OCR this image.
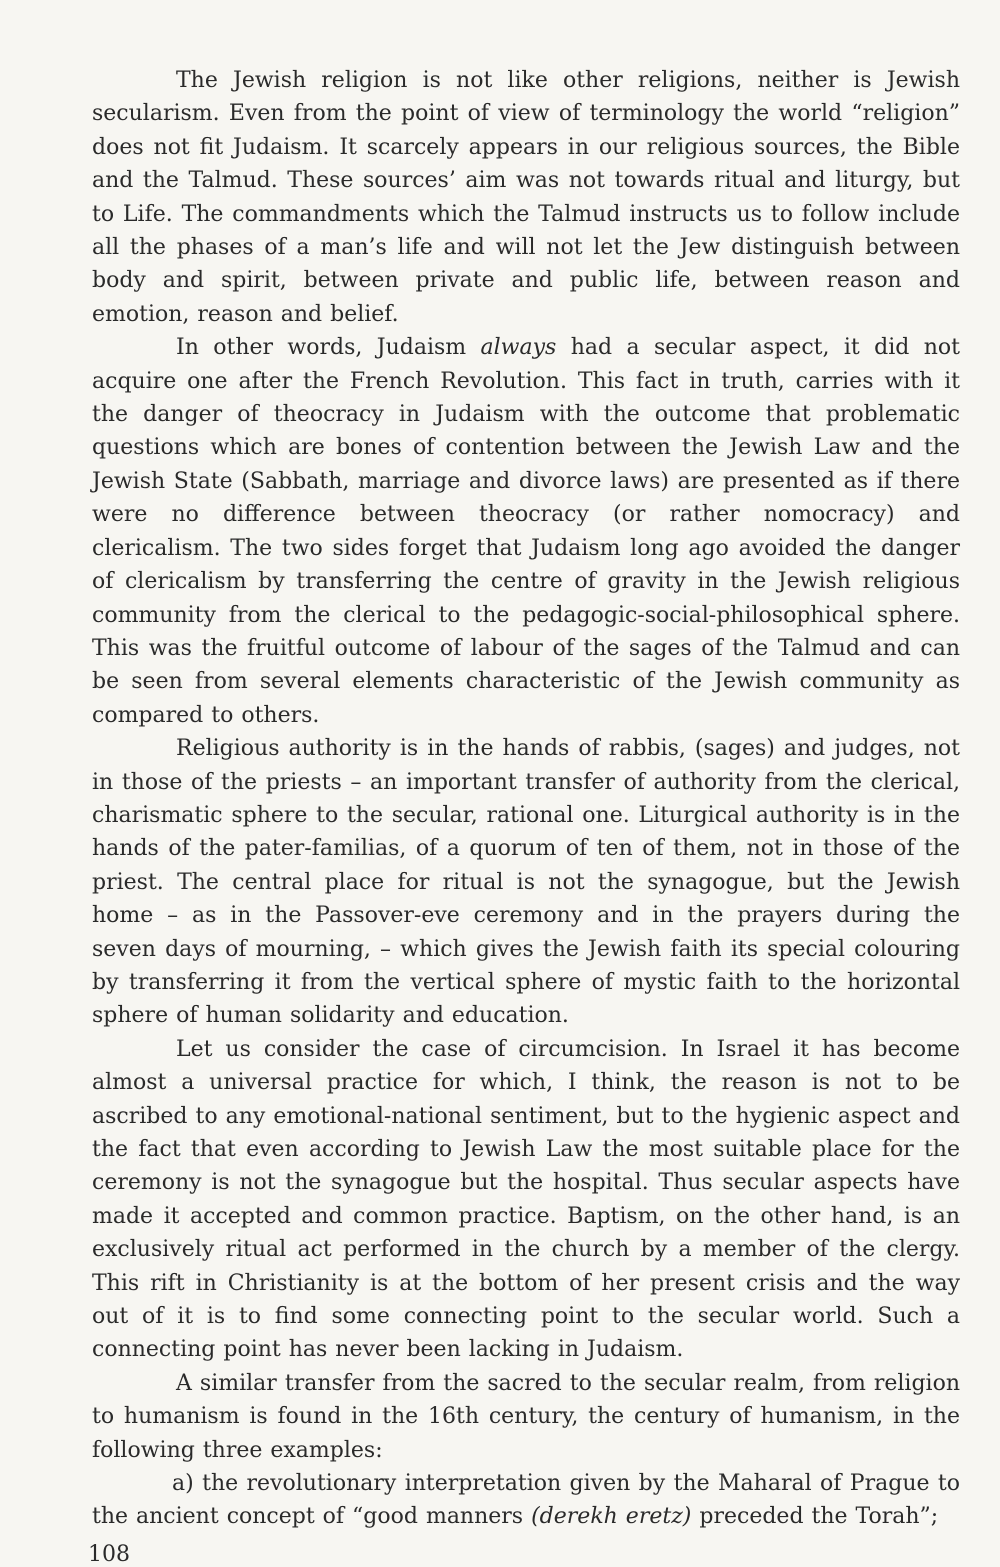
The Jewish religion is not like other religions, neither is Jewish secularism. Even from the point of view of terminology the world “religion” does not fit Judaism. It scarcely appears in our religious sources, the Bible and the Talmud. These sources’ aim was not towards ritual and liturgy, but to Life. The commandments which the Talmud instructs us to follow include all the phases of a man’s life and will not let the Jew distinguish between body and spirit, between private and public life, between reason and emotion, reason and belief.

In other words, Judaism always had a secular aspect, it did not acquire one after the French Revolution. This fact in truth, carries with it the danger of theocracy in Judaism with the outcome that problematic questions which are bones of contention between the Jewish Law and the Jewish State (Sabbath, marriage and divorce laws) are presented as if there were no difference between theocracy (or rather nomocracy) and clericalism. The two sides forget that Judaism long ago avoided the danger of clericalism by transferring the centre of gravity in the Jewish religious community from the clerical to the pedagogic-social-philosophical sphere. This was the fruitful outcome of labour of the sages of the Talmud and can be seen from several elements characteristic of the Jewish community as compared to others.

Religious authority is in the hands of rabbis, (sages) and judges, not in those of the priests – an important transfer of authority from the clerical, charismatic sphere to the secular, rational one. Liturgical authority is in the hands of the pater-familias, of a quorum of ten of them, not in those of the priest. The central place for ritual is not the synagogue, but the Jewish home – as in the Passover-eve ceremony and in the prayers during the seven days of mourning, – which gives the Jewish faith its special colouring by transferring it from the vertical sphere of mystic faith to the horizontal sphere of human solidarity and education.

Let us consider the case of circumcision. In Israel it has become almost a universal practice for which, I think, the reason is not to be ascribed to any emotional-national sentiment, but to the hygienic aspect and the fact that even according to Jewish Law the most suitable place for the ceremony is not the synagogue but the hospital. Thus secular aspects have made it accepted and common practice. Baptism, on the other hand, is an exclusively ritual act performed in the church by a member of the clergy. This rift in Christianity is at the bottom of her present crisis and the way out of it is to find some connecting point to the secular world. Such a connecting point has never been lacking in Judaism.

A similar transfer from the sacred to the secular realm, from religion to humanism is found in the 16th century, the century of humanism, in the following three examples:

a) the revolutionary interpretation given by the Maharal of Prague to the ancient concept of “good manners (derekh eretz) preceded the Torah”;

108
